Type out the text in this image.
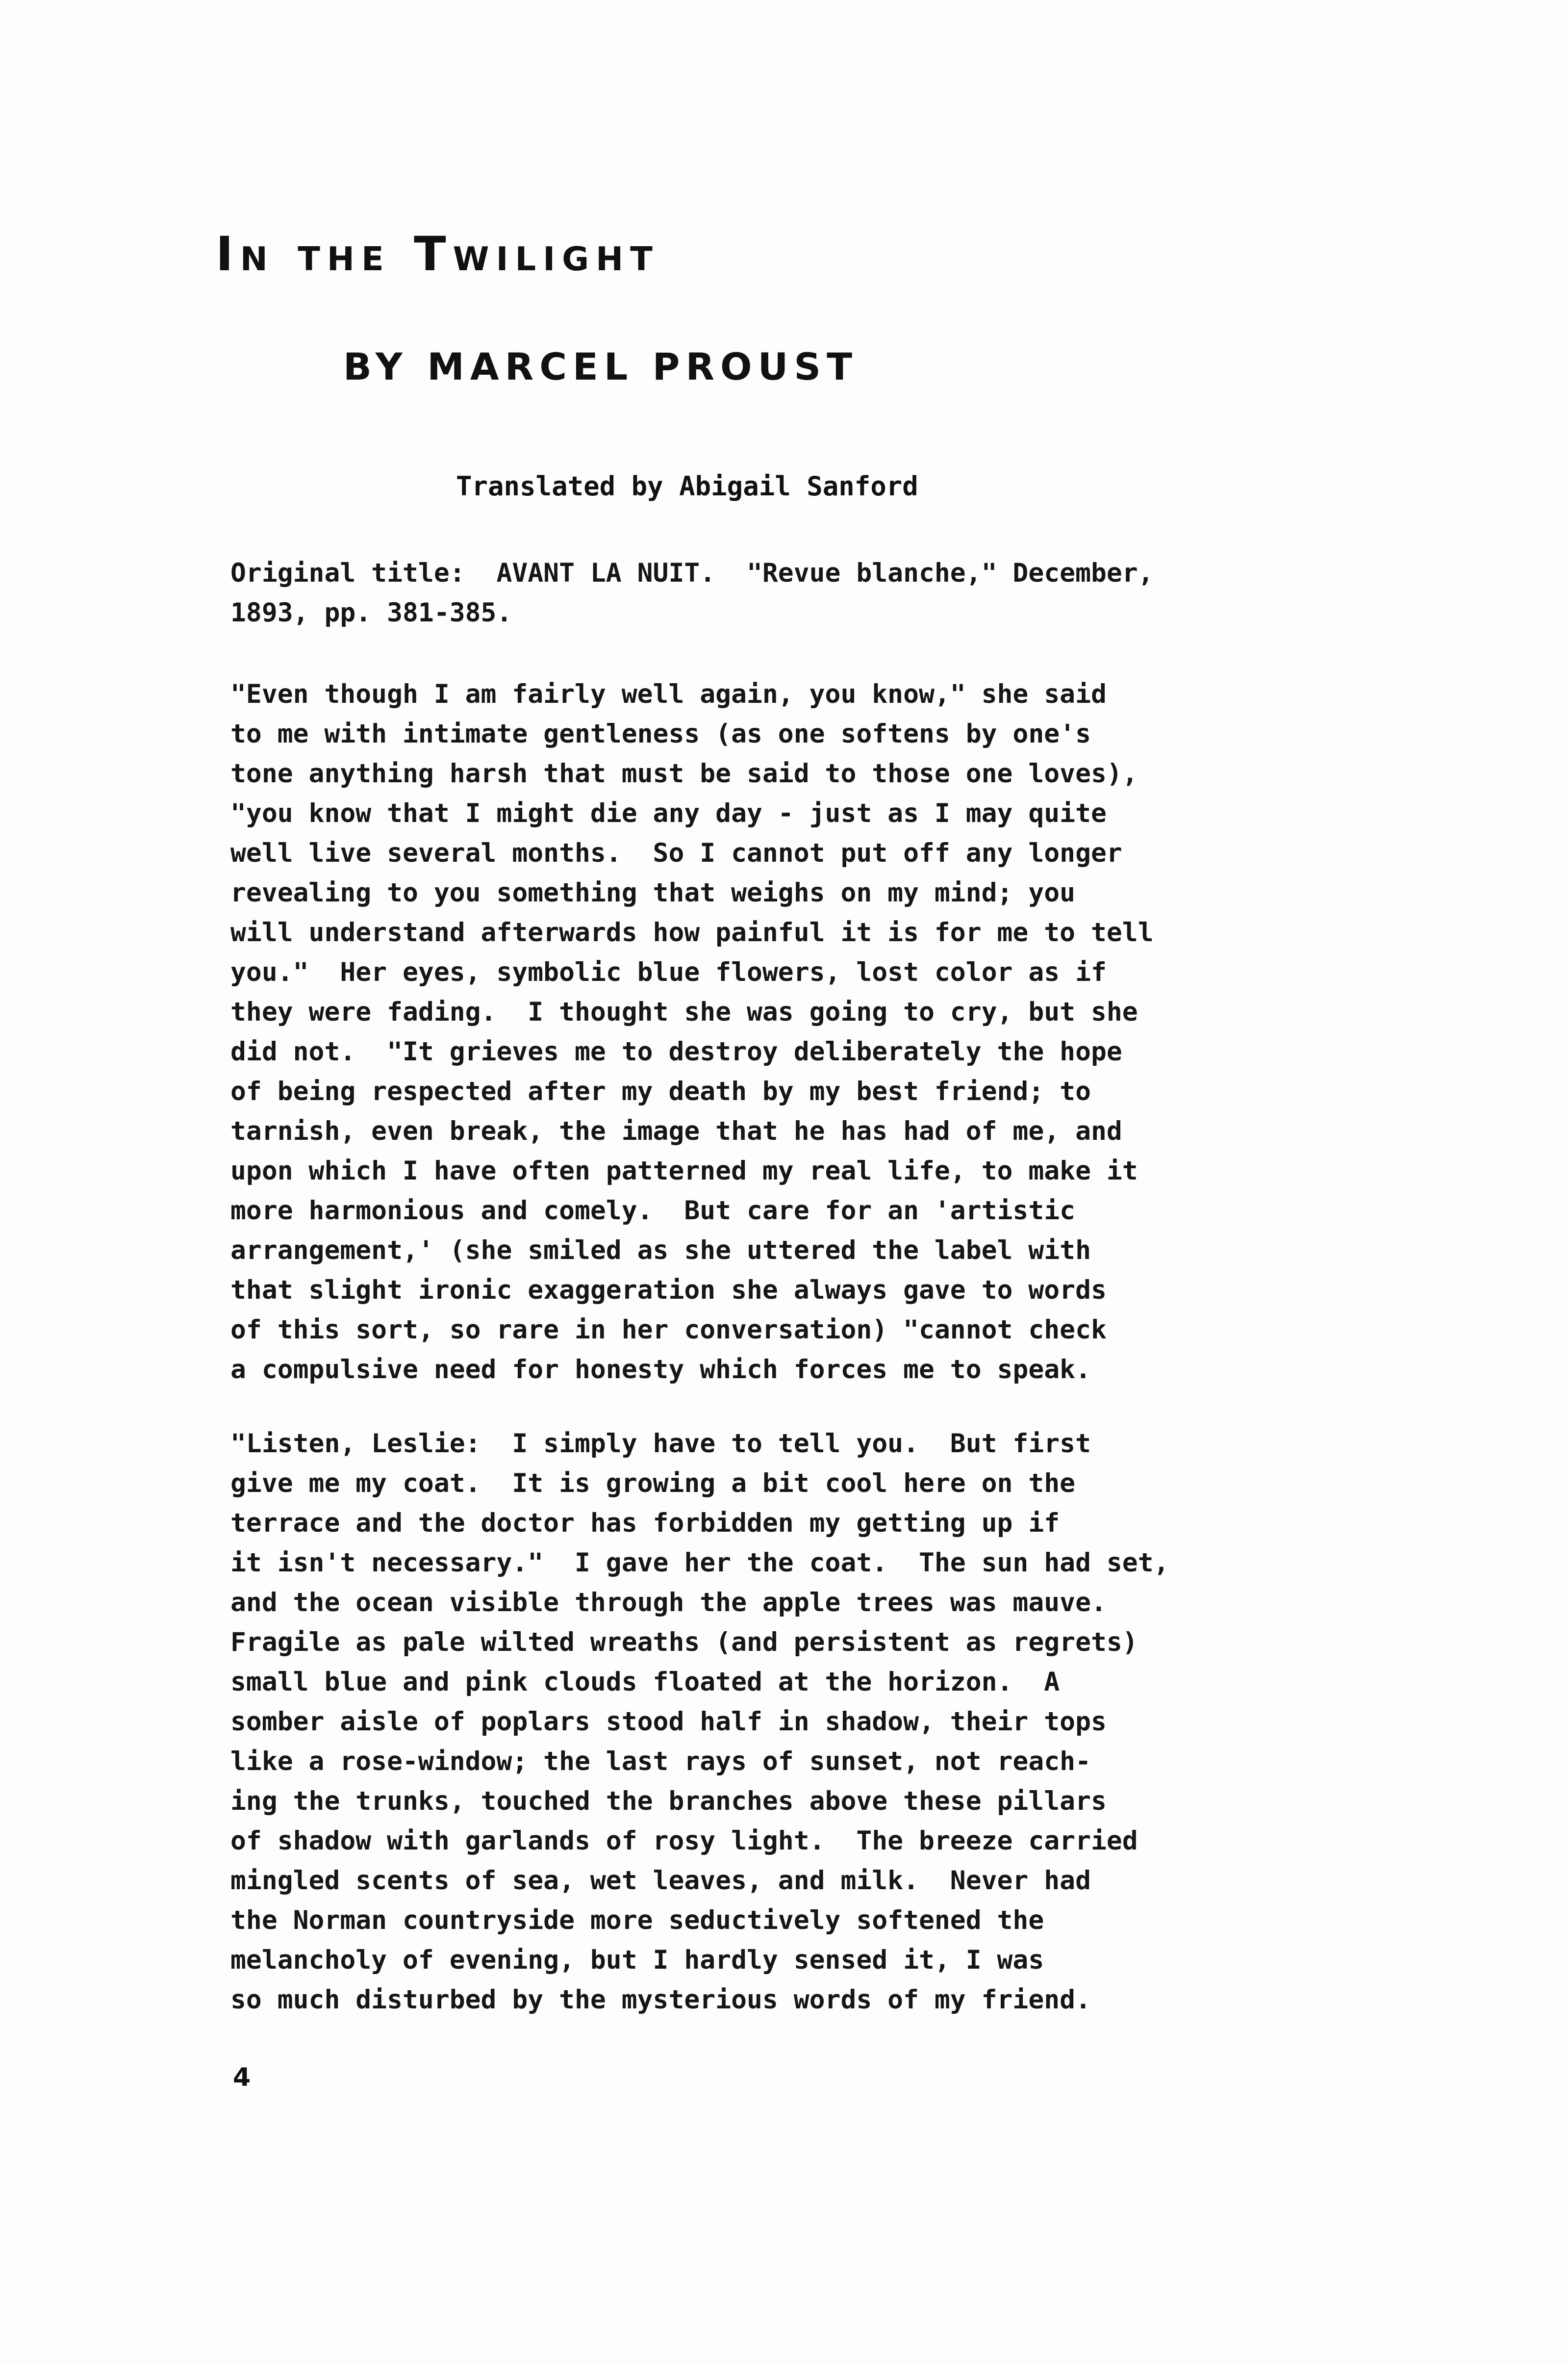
In the Twilight
BY MARCEL PROUST

Translated by Abigail Sanford

Original title:  AVANT LA NUIT.  "Revue blanche," December,
1893, pp. 381-385.
"Even though I am fairly well again, you know," she said
to me with intimate gentleness (as one softens by one's
tone anything harsh that must be said to those one loves),
"you know that I might die any day - just as I may quite
well live several months.  So I cannot put off any longer
revealing to you something that weighs on my mind; you
will understand afterwards how painful it is for me to tell
you."  Her eyes, symbolic blue flowers, lost color as if
they were fading.  I thought she was going to cry, but she
did not.  "It grieves me to destroy deliberately the hope
of being respected after my death by my best friend; to
tarnish, even break, the image that he has had of me, and
upon which I have often patterned my real life, to make it
more harmonious and comely.  But care for an 'artistic
arrangement,' (she smiled as she uttered the label with
that slight ironic exaggeration she always gave to words
of this sort, so rare in her conversation) "cannot check
a compulsive need for honesty which forces me to speak.
"Listen, Leslie:  I simply have to tell you.  But first
give me my coat.  It is growing a bit cool here on the
terrace and the doctor has forbidden my getting up if
it isn't necessary."  I gave her the coat.  The sun had set,
and the ocean visible through the apple trees was mauve.
Fragile as pale wilted wreaths (and persistent as regrets)
small blue and pink clouds floated at the horizon.  A
somber aisle of poplars stood half in shadow, their tops
like a rose-window; the last rays of sunset, not reach-
ing the trunks, touched the branches above these pillars
of shadow with garlands of rosy light.  The breeze carried
mingled scents of sea, wet leaves, and milk.  Never had
the Norman countryside more seductively softened the
melancholy of evening, but I hardly sensed it, I was
so much disturbed by the mysterious words of my friend.

4
